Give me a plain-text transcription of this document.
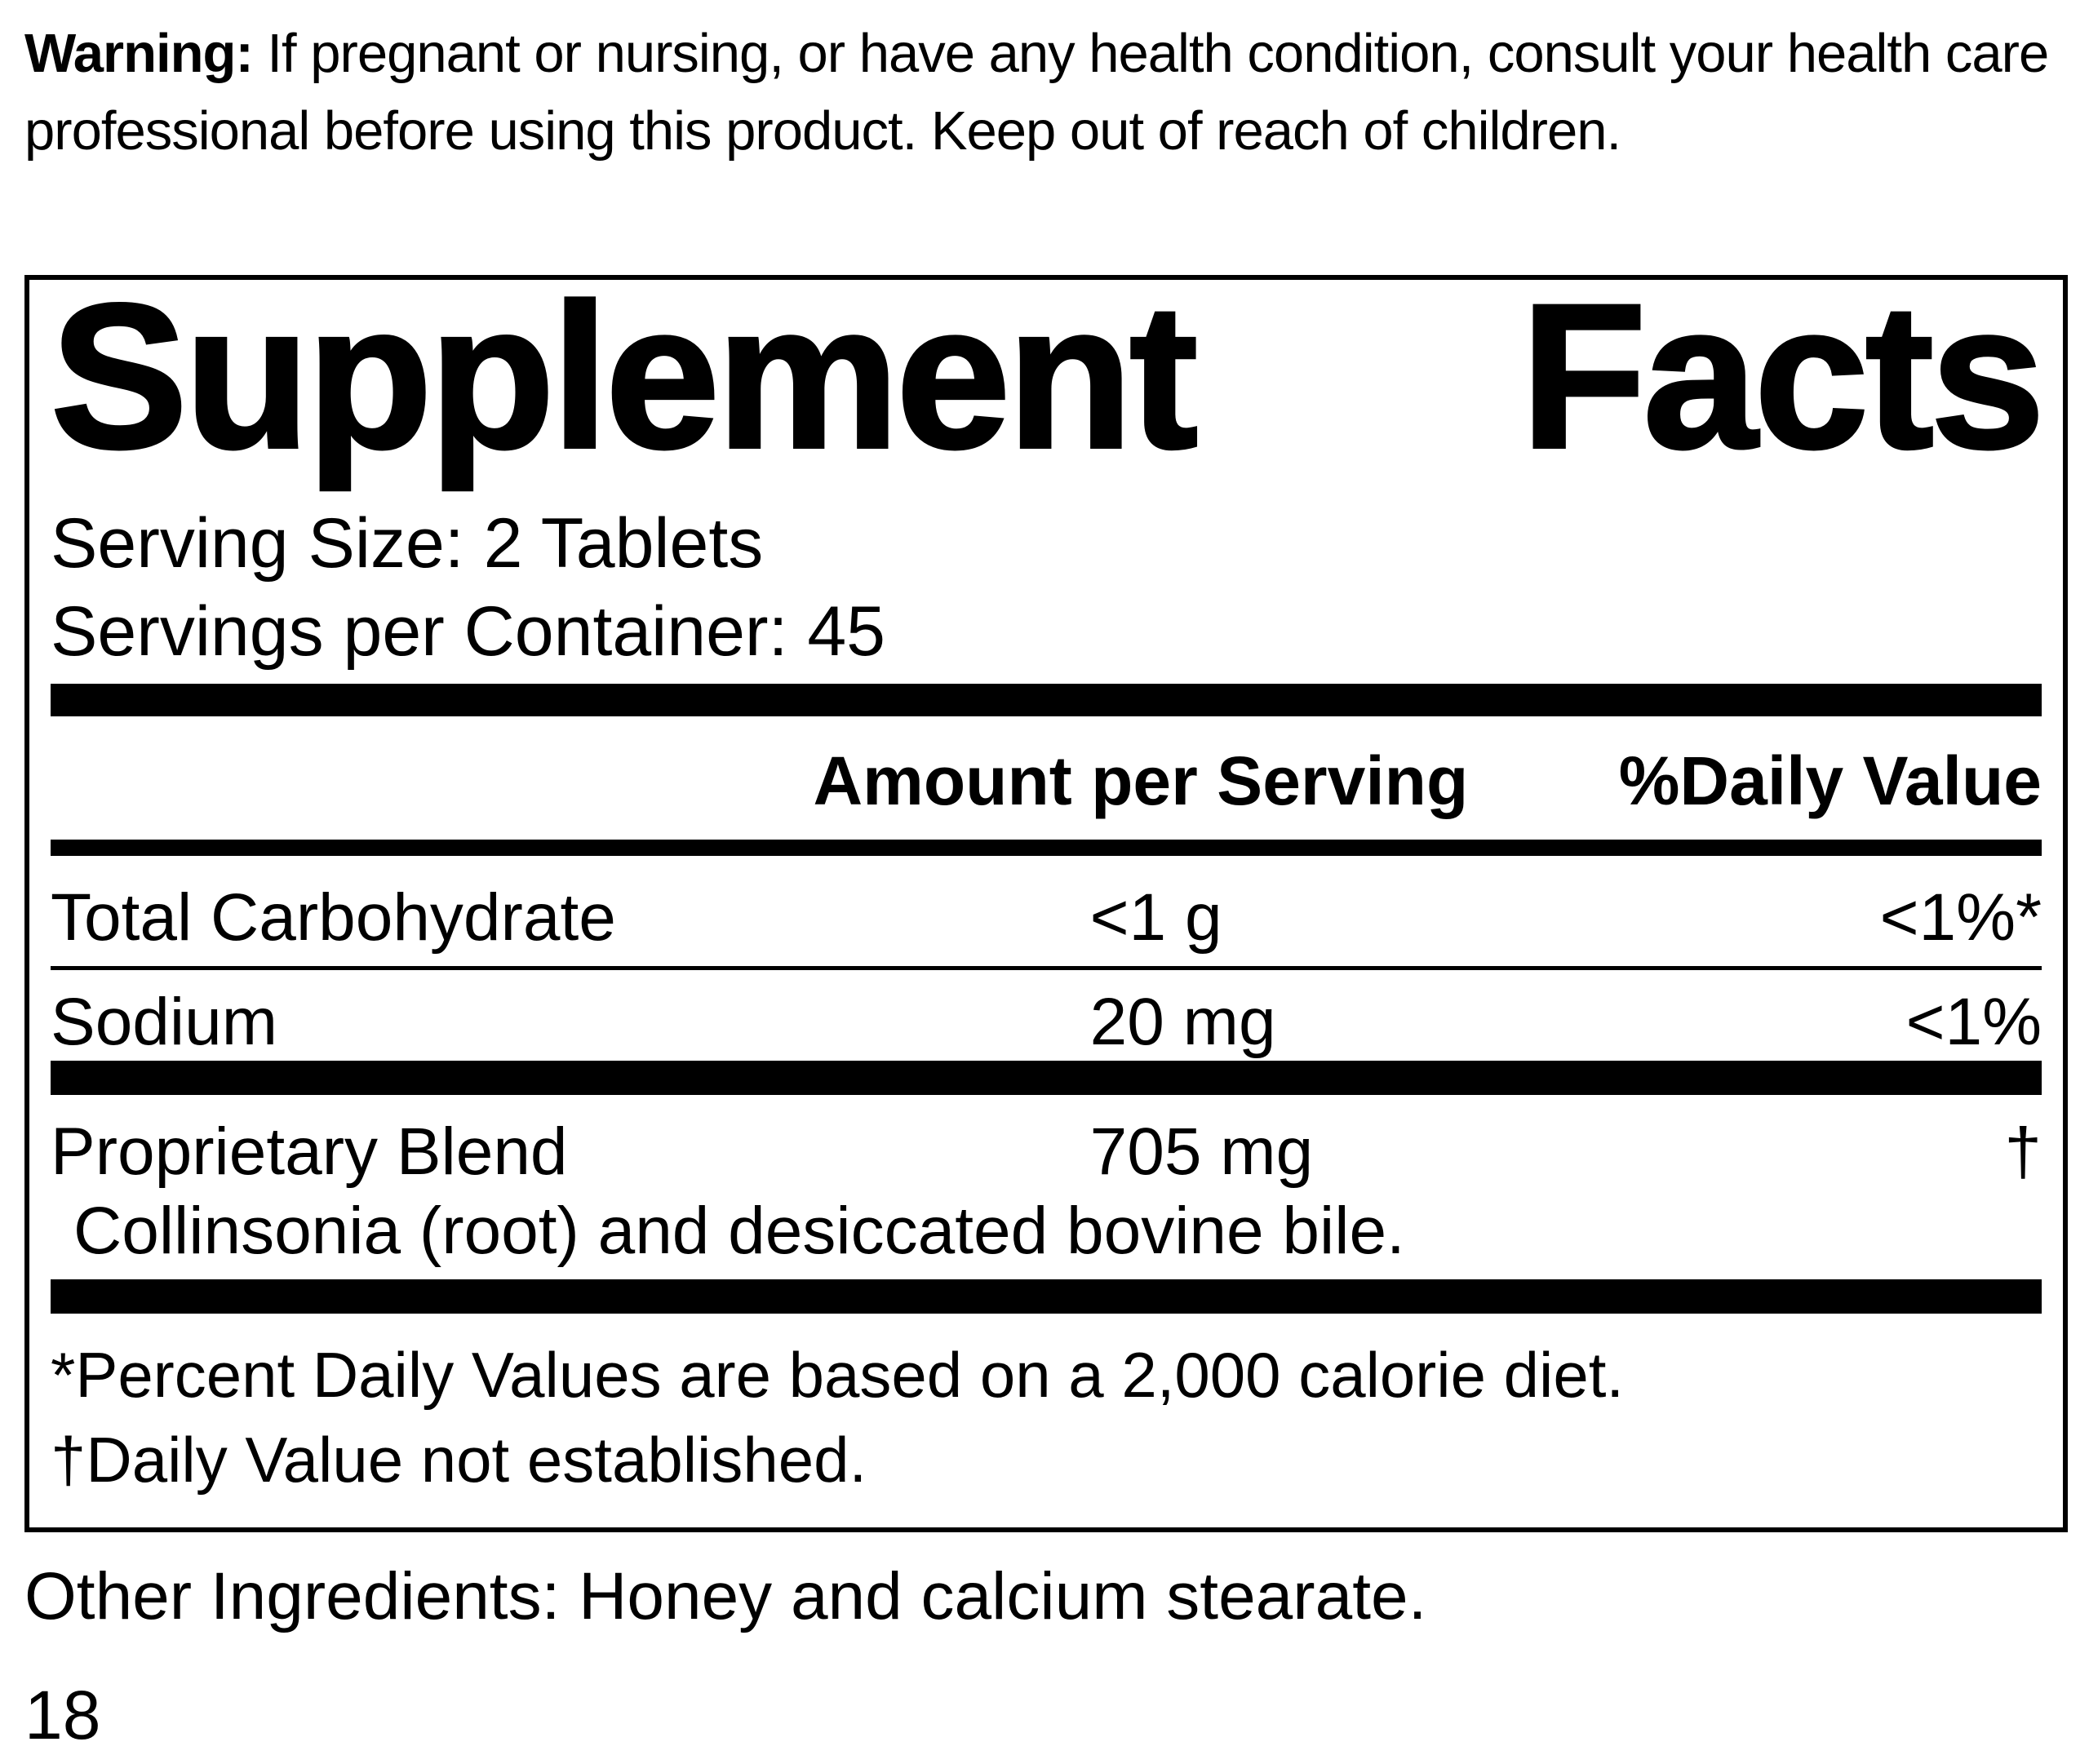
Warning: If pregnant or nursing, or have any health condition, consult your health care professional before using this product. Keep out of reach of children.
Supplement Facts
Serving Size: 2 Tablets
Servings per Container: 45
Amount per Serving %Daily Value
Total Carbohydrate	<1 g	<1%*
Sodium	20 mg	<1%
Proprietary Blend	705 mg	†
Collinsonia (root) and desiccated bovine bile.
*Percent Daily Values are based on a 2,000 calorie diet.
†Daily Value not established.
Other Ingredients: Honey and calcium stearate.
18
